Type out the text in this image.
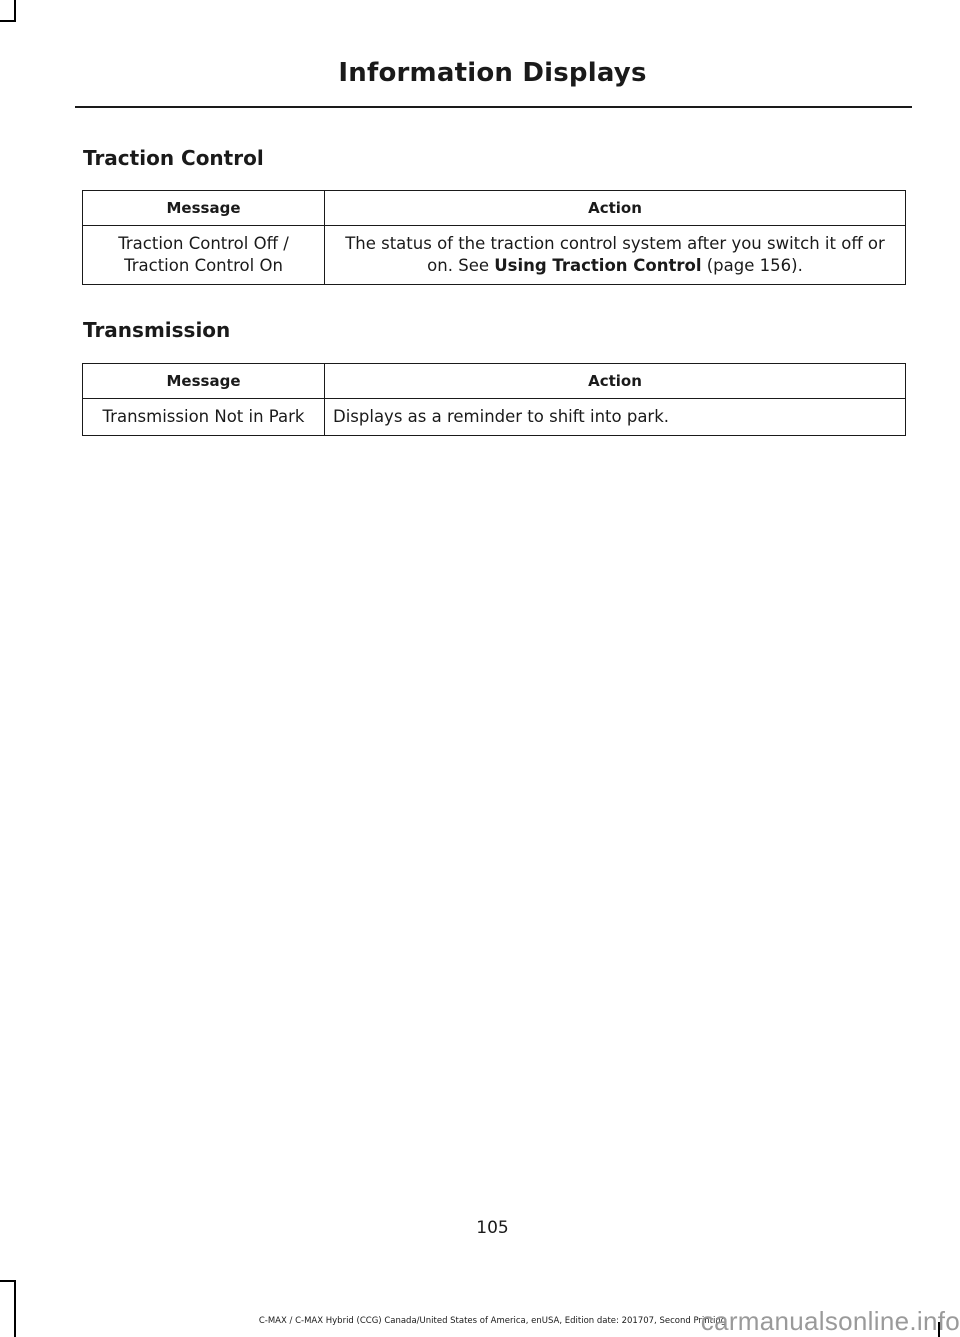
Information Displays
Traction Control
Message	Action
Traction Control Off / Traction Control On	The status of the traction control system after you switch it off or on. See Using Traction Control (page 156).
Transmission
Message	Action
Transmission Not in Park	Displays as a reminder to shift into park.
105
C-MAX / C-MAX Hybrid (CCG) Canada/United States of America, enUSA, Edition date: 201707, Second Printing
carmanualsonline.info
